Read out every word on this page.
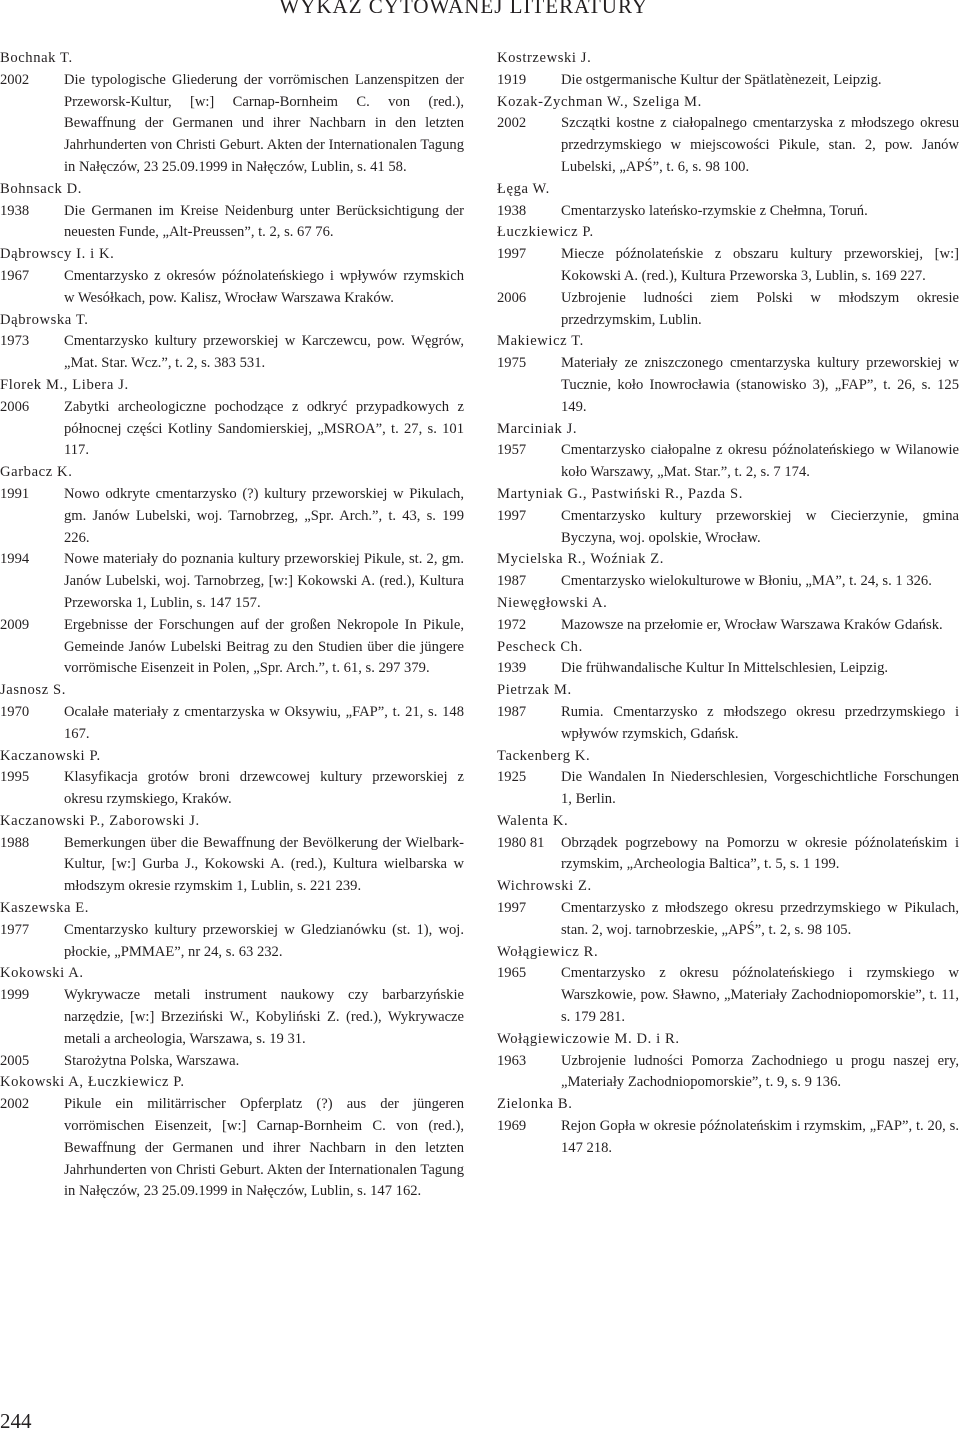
WYKAZ CYTOWANEJ LITERATURY
Bochnak T.
2002	Die typologische Gliederung der vorrömischen Lanzenspitzen der Przeworsk-Kultur, [w:] Carnap-Bornheim C. von (red.), Bewaffnung der Germanen und ihrer Nachbarn in den letzten Jahrhunderten von Christi Geburt. Akten der Internationalen Tagung in Nałęczów, 23 25.09.1999 in Nałęczów, Lublin, s. 41 58.
Bohnsack D.
1938	Die Germanen im Kreise Neidenburg unter Berücksichtigung der neuesten Funde, „Alt-Preussen”, t. 2, s. 67 76.
Dąbrowscy I. i K.
1967	Cmentarzysko z okresów późnolateńskiego i wpływów rzymskich w Wesółkach, pow. Kalisz, Wrocław Warszawa Kraków.
Dąbrowska T.
1973	Cmentarzysko kultury przeworskiej w Karczewcu, pow. Węgrów, „Mat. Star. Wcz.”, t. 2, s. 383 531.
Florek M., Libera J.
2006	Zabytki archeologiczne pochodzące z odkryć przypadkowych z północnej części Kotliny Sandomierskiej, „MSROA”, t. 27, s. 101 117.
Garbacz K.
1991	Nowo odkryte cmentarzysko (?) kultury przeworskiej w Pikulach, gm. Janów Lubelski, woj. Tarnobrzeg, „Spr. Arch.”, t. 43, s. 199 226.
1994	Nowe materiały do poznania kultury przeworskiej Pikule, st. 2, gm. Janów Lubelski, woj. Tarnobrzeg, [w:] Kokowski A. (red.), Kultura Przeworska 1, Lublin, s. 147 157.
2009	Ergebnisse der Forschungen auf der großen Nekropole In Pikule, Gemeinde Janów Lubelski Beitrag zu den Studien über die jüngere vorrömische Eisenzeit in Polen, „Spr. Arch.”, t. 61, s. 297 379.
Jasnosz S.
1970	Ocalałe materiały z cmentarzyska w Oksywiu, „FAP”, t. 21, s. 148 167.
Kaczanowski P.
1995	Klasyfikacja grotów broni drzewcowej kultury przeworskiej z okresu rzymskiego, Kraków.
Kaczanowski P., Zaborowski J.
1988	Bemerkungen über die Bewaffnung der Bevölkerung der Wielbark-Kultur, [w:] Gurba J., Kokowski A. (red.), Kultura wielbarska w młodszym okresie rzymskim 1, Lublin, s. 221 239.
Kaszewska E.
1977	Cmentarzysko kultury przeworskiej w Gledzianówku (st. 1), woj. płockie, „PMMAE”, nr 24, s. 63 232.
Kokowski A.
1999	Wykrywacze metali instrument naukowy czy barbarzyńskie narzędzie, [w:] Brzeziński W., Kobyliński Z. (red.), Wykrywacze metali a archeologia, Warszawa, s. 19 31.
2005	Starożytna Polska, Warszawa.
Kokowski A, Łuczkiewicz P.
2002	Pikule ein militärrischer Opferplatz (?) aus der jüngeren vorrömischen Eisenzeit, [w:] Carnap-Bornheim C. von (red.), Bewaffnung der Germanen und ihrer Nachbarn in den letzten Jahrhunderten von Christi Geburt. Akten der Internationalen Tagung in Nałęczów, 23 25.09.1999 in Nałęczów, Lublin, s. 147 162.
Kostrzewski J.
1919	Die ostgermanische Kultur der Spätlatènezeit, Leipzig.
Kozak-Zychman W., Szeliga M.
2002	Szczątki kostne z ciałopalnego cmentarzyska z młodszego okresu przedrzymskiego w miejscowości Pikule, stan. 2, pow. Janów Lubelski, „APŚ”, t. 6, s. 98 100.
Łęga W.
1938	Cmentarzysko lateńsko-rzymskie z Chełmna, Toruń.
Łuczkiewicz P.
1997	Miecze późnolateńskie z obszaru kultury przeworskiej, [w:] Kokowski A. (red.), Kultura Przeworska 3, Lublin, s. 169 227.
2006	Uzbrojenie ludności ziem Polski w młodszym okresie przedrzymskim, Lublin.
Makiewicz T.
1975	Materiały ze zniszczonego cmentarzyska kultury przeworskiej w Tucznie, koło Inowrocławia (stanowisko 3), „FAP”, t. 26, s. 125 149.
Marciniak J.
1957	Cmentarzysko ciałopalne z okresu późnolateńskiego w Wilanowie koło Warszawy, „Mat. Star.”, t. 2, s. 7 174.
Martyniak G., Pastwiński R., Pazda S.
1997	Cmentarzysko kultury przeworskiej w Ciecierzynie, gmina Byczyna, woj. opolskie, Wrocław.
Mycielska R., Woźniak Z.
1987	Cmentarzysko wielokulturowe w Błoniu, „MA”, t. 24, s. 1 326.
Niewęgłowski A.
1972	Mazowsze na przełomie er, Wrocław Warszawa Kraków Gdańsk.
Pescheck Ch.
1939	Die frühwandalische Kultur In Mittelschlesien, Leipzig.
Pietrzak M.
1987	Rumia. Cmentarzysko z młodszego okresu przedrzymskiego i wpływów rzymskich, Gdańsk.
Tackenberg K.
1925	Die Wandalen In Niederschlesien, Vorgeschichtliche Forschungen 1, Berlin.
Walenta K.
1980 81	Obrządek pogrzebowy na Pomorzu w okresie późnolateńskim i rzymskim, „Archeologia Baltica”, t. 5, s. 1 199.
Wichrowski Z.
1997	Cmentarzysko z młodszego okresu przedrzymskiego w Pikulach, stan. 2, woj. tarnobrzeskie, „APŚ”, t. 2, s. 98 105.
Wołągiewicz R.
1965	Cmentarzysko z okresu późnolateńskiego i rzymskiego w Warszkowie, pow. Sławno, „Materiały Zachodniopomorskie”, t. 11, s. 179 281.
Wołągiewiczowie M. D. i R.
1963	Uzbrojenie ludności Pomorza Zachodniego u progu naszej ery, „Materiały Zachodniopomorskie”, t. 9, s. 9 136.
Zielonka B.
1969	Rejon Gopła w okresie późnolateńskim i rzymskim, „FAP”, t. 20, s. 147 218.
244
